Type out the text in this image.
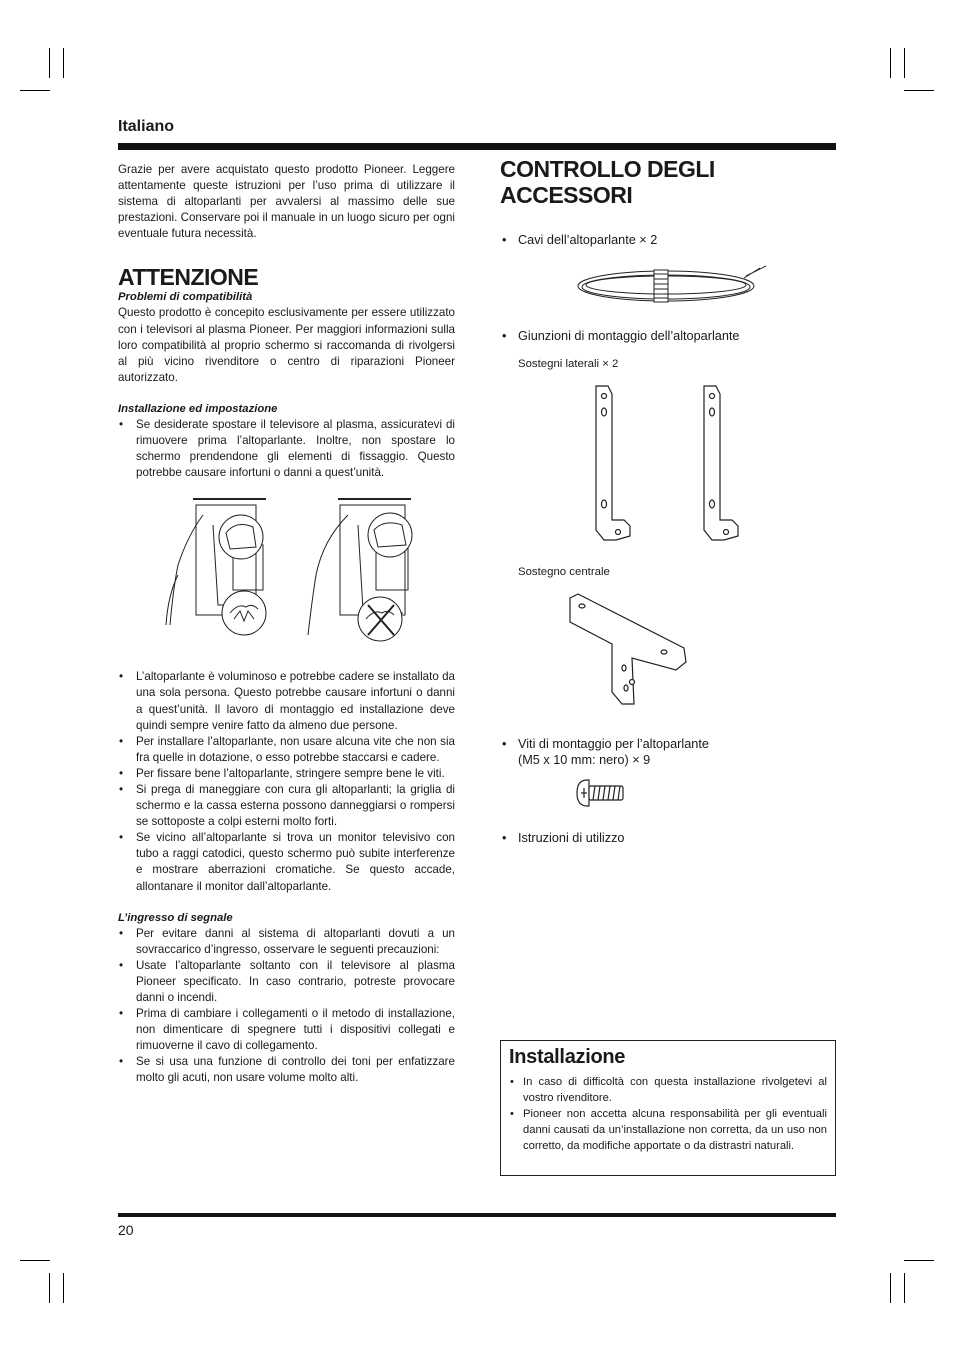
Italiano

Grazie per avere acquistato questo prodotto Pioneer. Leggere attentamente queste istruzioni per l’uso prima di utilizzare il sistema di altoparlanti per avvalersi al massimo delle sue prestazioni. Conservare poi il manuale in un luogo sicuro per ogni eventuale futura necessità.

ATTENZIONE
Problemi di compatibilità

Questo prodotto è concepito esclusivamente per essere utilizzato con i televisori al plasma Pioneer. Per maggiori informazioni sulla loro compatibilità al proprio schermo si raccomanda di rivolgersi al più vicino rivenditore o centro di riparazioni Pioneer autorizzato.

Installazione ed impostazione
• Se desiderate spostare il televisore al plasma, assicuratevi di rimuovere prima l’altoparlante. Inoltre, non spostare lo schermo prendendone gli elementi di fissaggio. Questo potrebbe causare infortuni o danni a quest’unità.
• L’altoparlante è voluminoso e potrebbe cadere se installato da una sola persona. Questo potrebbe causare infortuni o danni a quest’unità. Il lavoro di montaggio ed installazione deve quindi sempre venire fatto da almeno due persone.
• Per installare l’altoparlante, non usare alcuna vite che non sia fra quelle in dotazione, o esso potrebbe staccarsi e cadere.
• Per fissare bene l’altoparlante, stringere sempre bene le viti.
• Si prega di maneggiare con cura gli altoparlanti; la griglia di schermo e la cassa esterna possono danneggiarsi o rompersi se sottoposte a colpi esterni molto forti.
• Se vicino all’altoparlante si trova un monitor televisivo con tubo a raggi catodici, questo schermo può subite interferenze e mostrare aberrazioni cromatiche. Se questo accade, allontanare il monitor dall’altoparlante.
L’ingresso di segnale
• Per evitare danni al sistema di altoparlanti dovuti a un sovraccarico d’ingresso, osservare le seguenti precauzioni:
• Usate l’altoparlante soltanto con il televisore al plasma Pioneer specificato. In caso contrario, potreste provocare danni o incendi.
• Prima di cambiare i collegamenti o il metodo di installazione, non dimenticare di spegnere tutti i dispositivi collegati e rimuoverne il cavo di collegamento.
• Se si usa una funzione di controllo dei toni per enfatizzare molto gli acuti, non usare volume molto alti.
CONTROLLO DEGLI ACCESSORI
• Cavi dell’altoparlante × 2
• Giunzioni di montaggio dell’altoparlante
Sostegni laterali × 2
Sostegno centrale
• Viti di montaggio per l’altoparlante
(M5 x 10 mm: nero) × 9
• Istruzioni di utilizzo
Installazione
• In caso di difficoltà con questa installazione rivolgetevi al vostro rivenditore.
• Pioneer non accetta alcuna responsabilità per gli eventuali danni causati da un’installazione non corretta, da un uso non corretto, da modifiche apportate o da distrastri naturali.
20
